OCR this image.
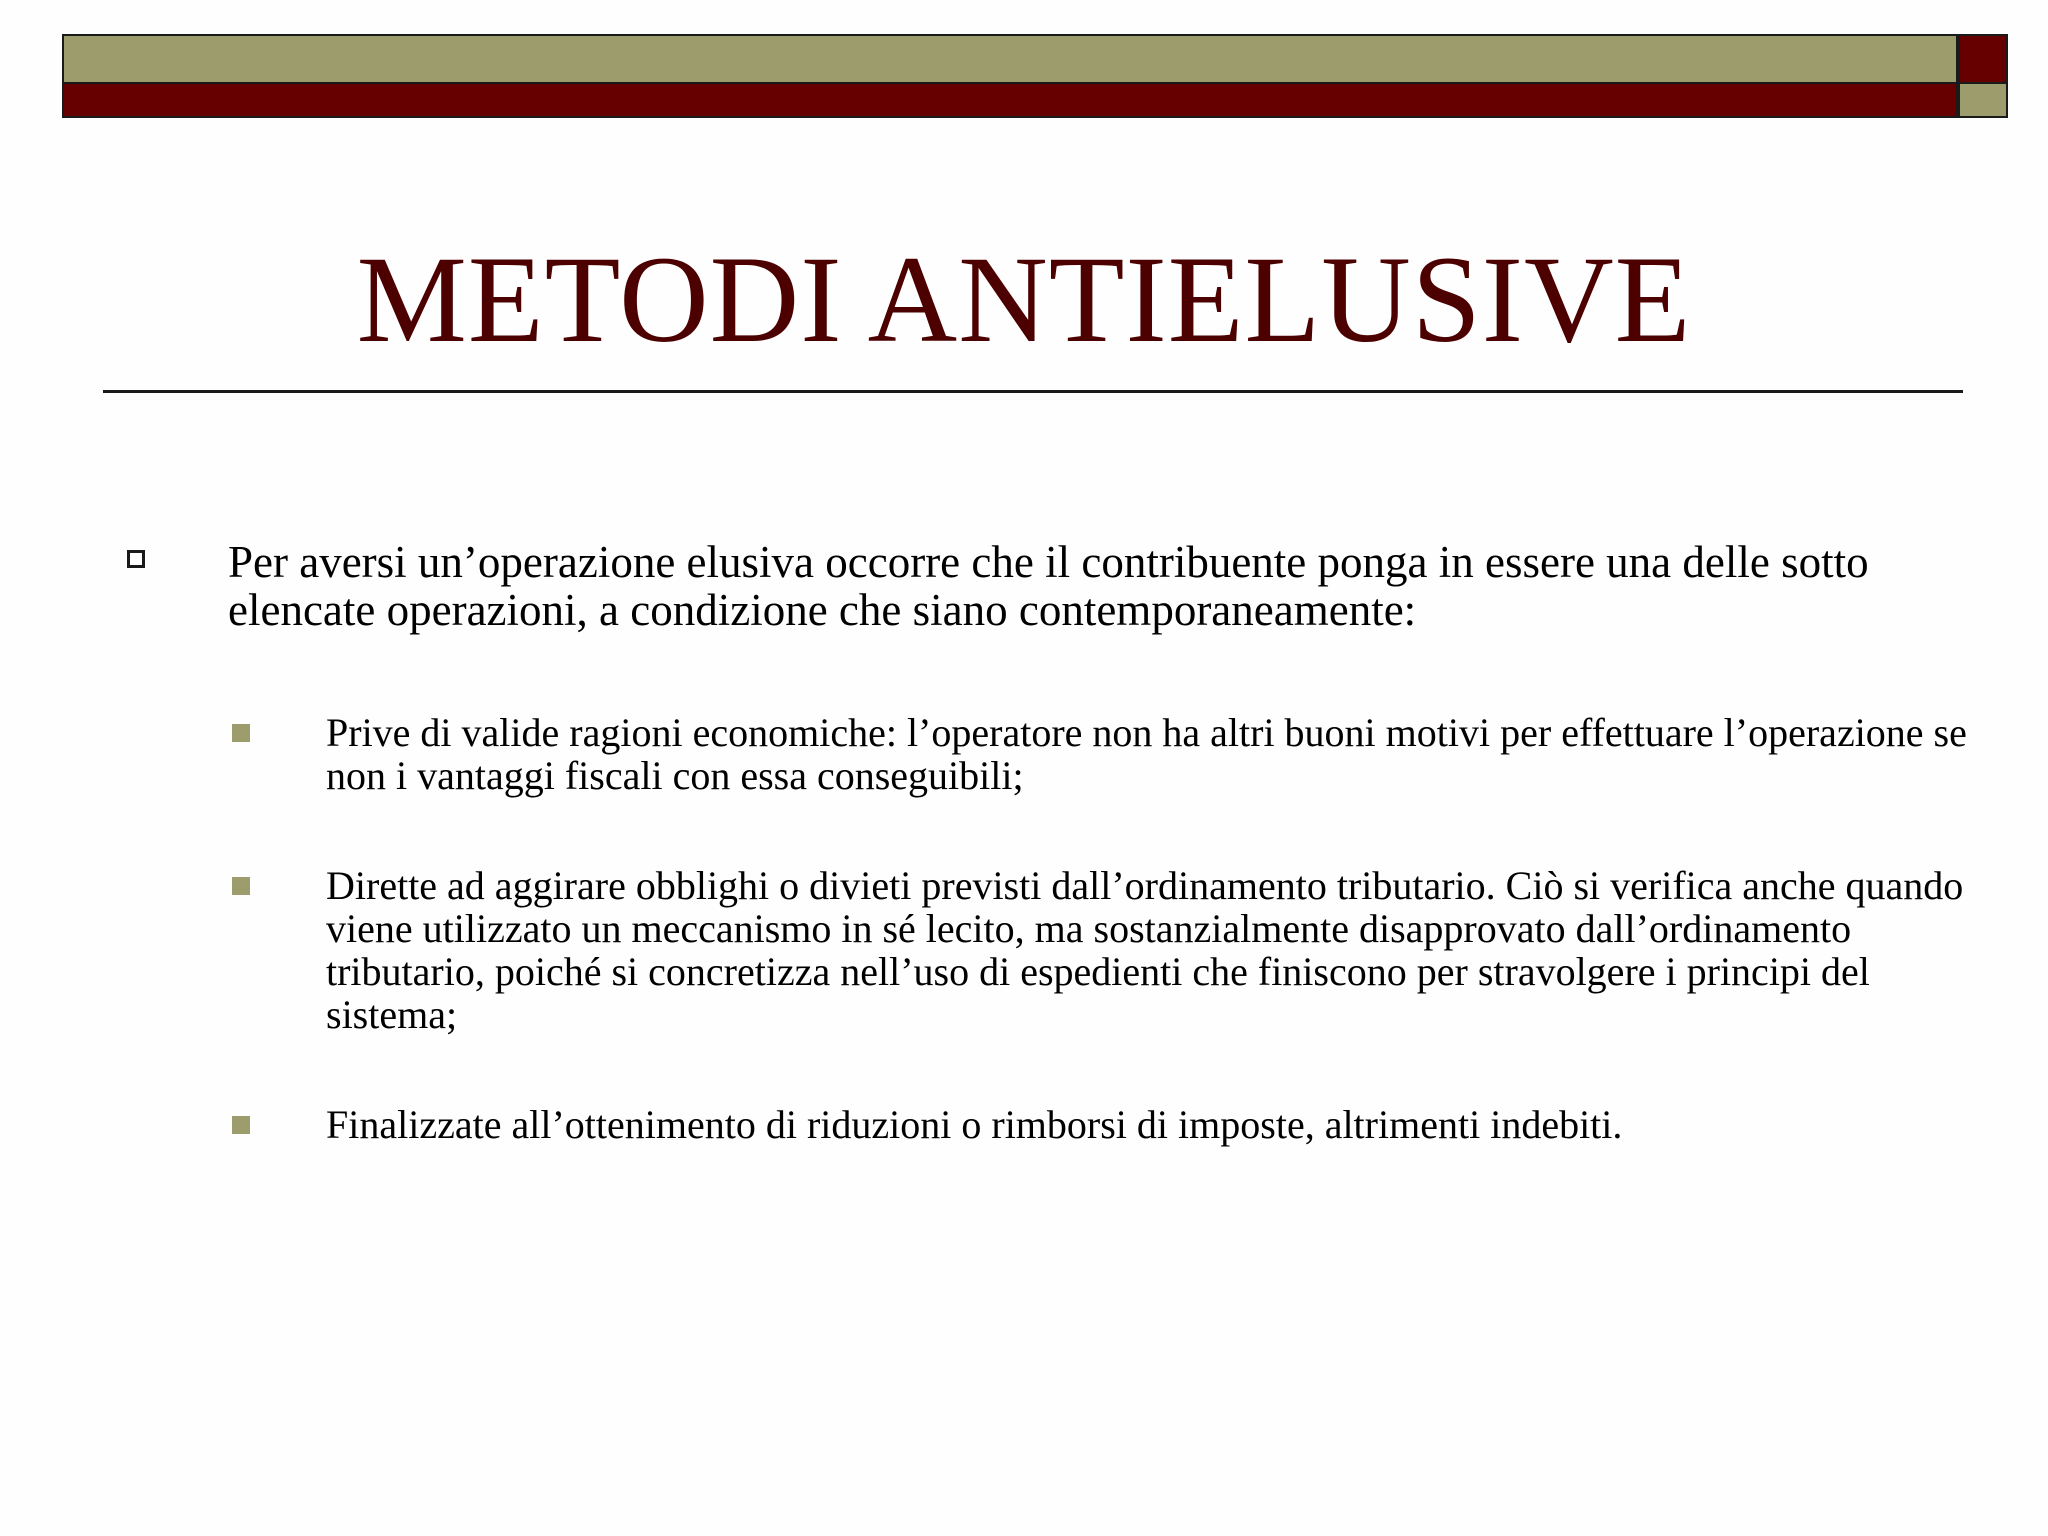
METODI ANTIELUSIVE
Per aversi un’operazione elusiva occorre che il contribuente ponga in essere una delle sotto elencate operazioni, a condizione che siano contemporaneamente:
Prive di valide ragioni economiche: l’operatore non ha altri buoni motivi per effettuare l’operazione se non i vantaggi fiscali con essa conseguibili;
Dirette ad aggirare obblighi o divieti previsti dall’ordinamento tributario. Ciò si verifica anche quando viene utilizzato un meccanismo in sé lecito, ma sostanzialmente disapprovato dall’ordinamento tributario, poiché si concretizza nell’uso di espedienti che finiscono per stravolgere i principi del sistema;
Finalizzate all’ottenimento di riduzioni o rimborsi di imposte, altrimenti indebiti.
